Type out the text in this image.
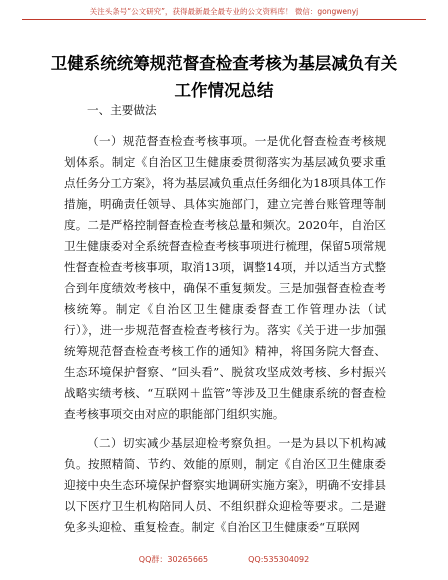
关注头条号“公文研究”，获得最新最全最专业的公文资料库！ 微信：gongwenyj
卫健系统统筹规范督查检查考核为基层减负有关工作情况总结

一、主要做法

（一）规范督查检查考核事项。一是优化督查检查考核规划体系。制定《自治区卫生健康委贯彻落实为基层减负要求重点任务分工方案》，将为基层减负重点任务细化为18项具体工作措施，明确责任领导、具体实施部门，建立完善台账管理等制度。二是严格控制督查检查考核总量和频次。2020年，自治区卫生健康委对全系统督查检查考核事项进行梳理，保留5项常规性督查检查考核事项，取消13项，调整14项，并以适当方式整合到年度绩效考核中，确保不重复频发。三是加强督查检查考核统筹。制定《自治区卫生健康委督查工作管理办法（试行）》，进一步规范督查检查考核行为。落实《关于进一步加强统筹规范督查检查考核工作的通知》精神，将国务院大督查、生态环境保护督察、“回头看”、脱贫攻坚成效考核、乡村振兴战略实绩考核、“互联网＋监管”等涉及卫生健康系统的督查检查考核事项交由对应的职能部门组织实施。

（二）切实减少基层迎检考察负担。一是为县以下机构减负。按照精简、节约、效能的原则，制定《自治区卫生健康委迎接中央生态环境保护督察实地调研实施方案》，明确不安排县以下医疗卫生机构陪同人员、不组织群众迎检等要求。二是避免多头迎检、重复检查。制定《自治区卫生健康委“互联网

QQ群：30265665	QQ:535304092
